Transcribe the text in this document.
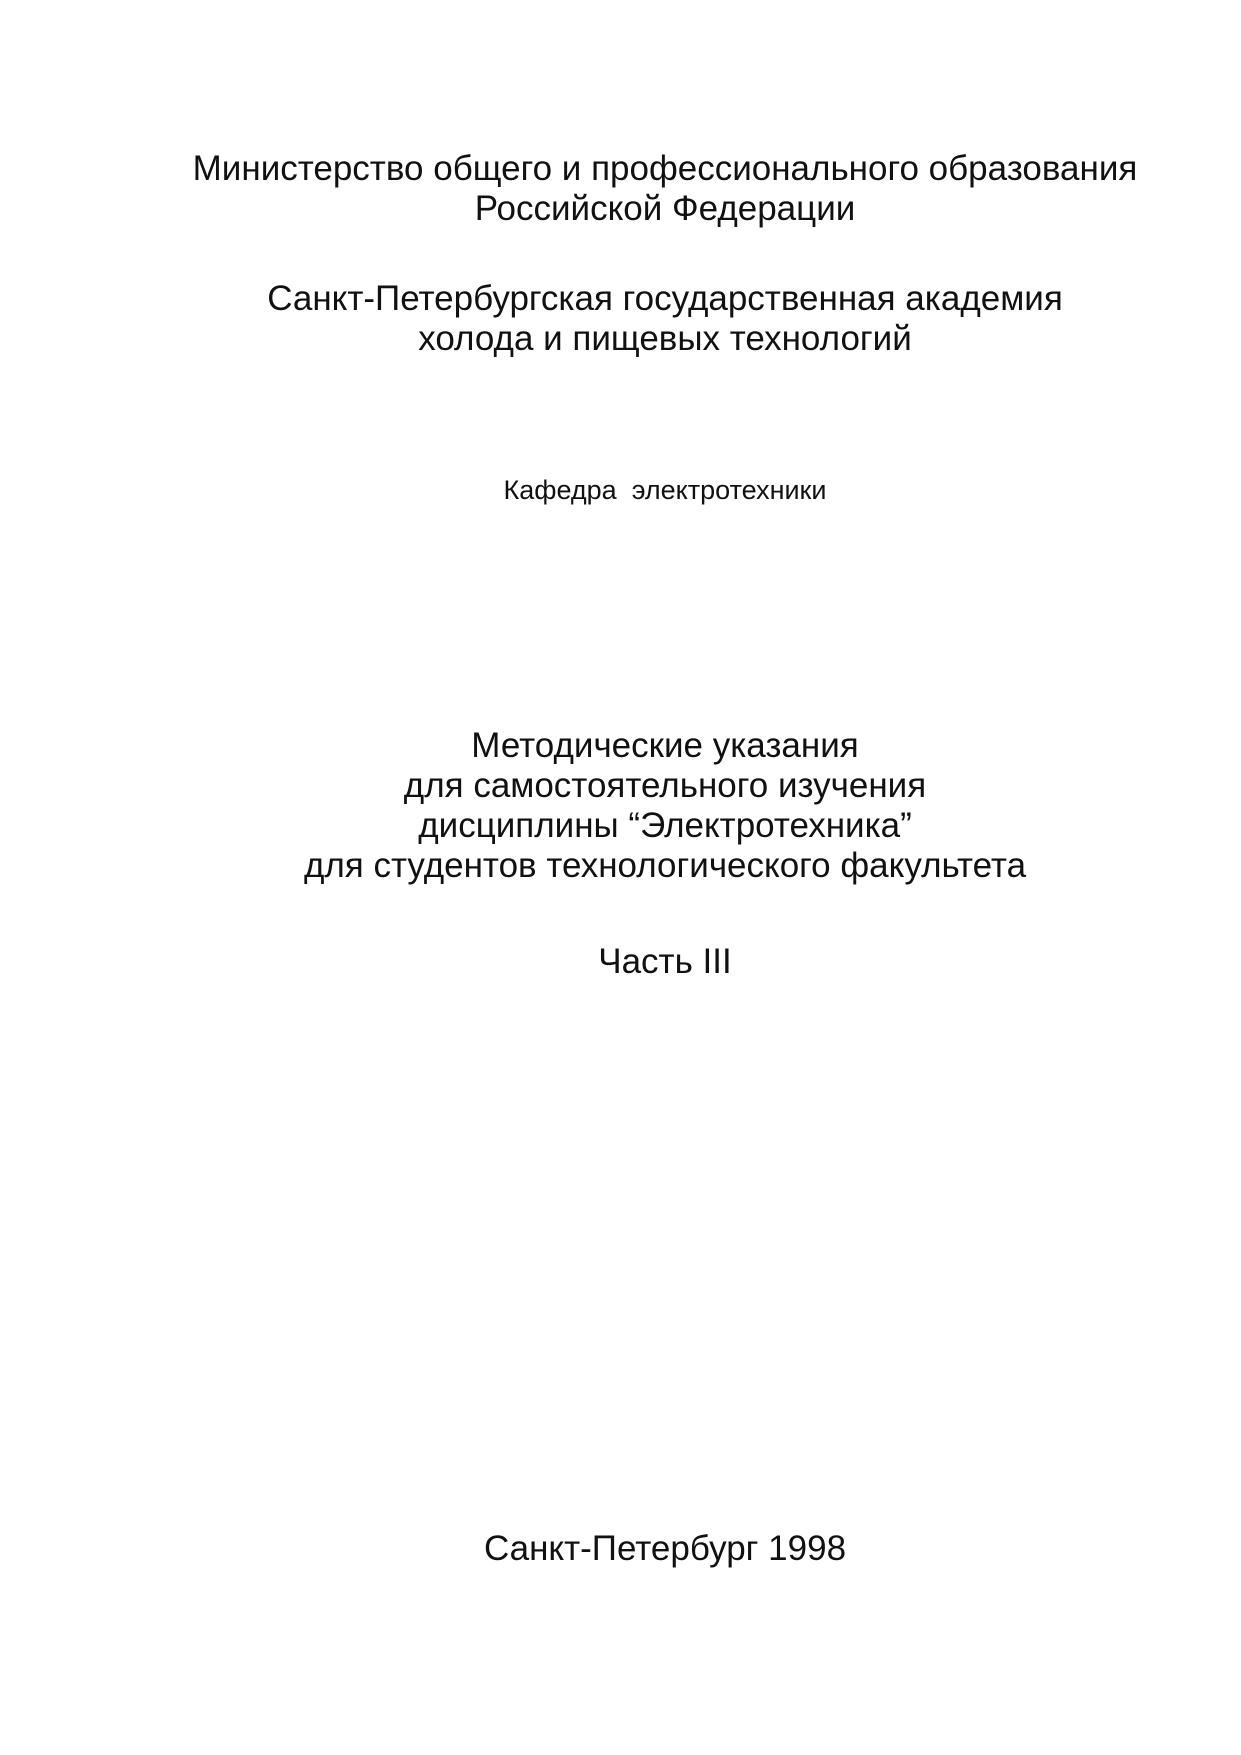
Министерство общего и профессионального образования
Российской Федерации
Санкт-Петербургская государственная академия
холода и пищевых технологий
Кафедра  электротехники
Методические указания
для самостоятельного изучения
дисциплины “Электротехника”
для студентов технологического факультета
Часть III
Санкт-Петербург 1998
